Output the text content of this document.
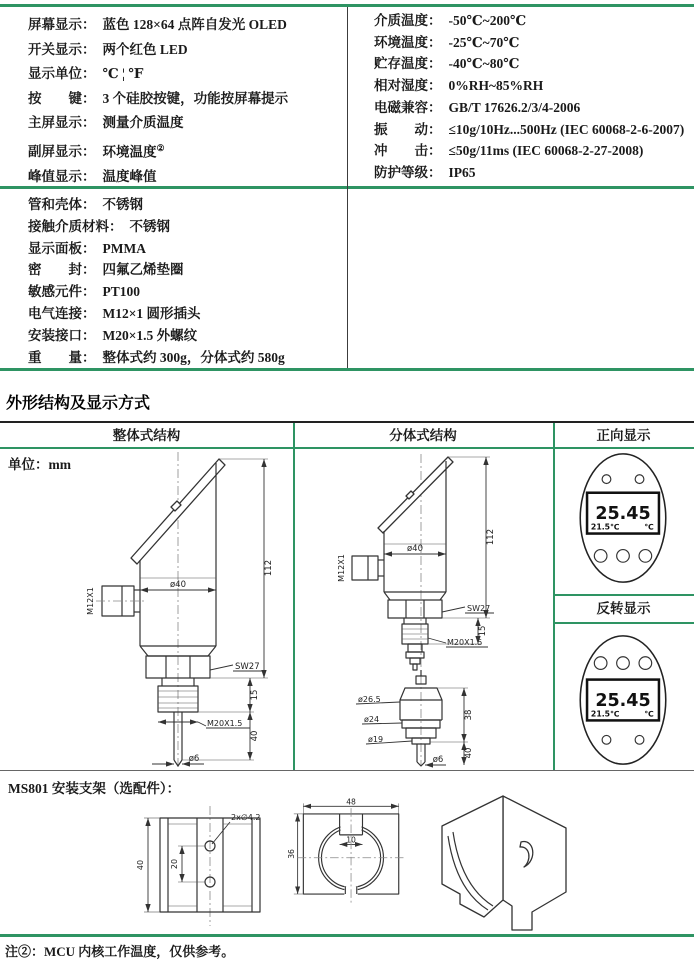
屏幕显示： 蓝色 128×64 点阵自发光 OLED
开关显示： 两个红色 LED
显示单位： ℃ ¦ ℉
按　　键： 3 个硅胶按键，功能按屏幕提示
主屏显示： 测量介质温度
副屏显示： 环境温度②
峰值显示： 温度峰值
介质温度： -50℃~200℃
环境温度： -25℃~70℃
贮存温度： -40℃~80℃
相对湿度： 0%RH~85%RH
电磁兼容： GB/T 17626.2/3/4-2006
振　　动： ≤10g/10Hz...500Hz (IEC 60068-2-6-2007)
冲　　击： ≤50g/11ms (IEC 60068-2-27-2008)
防护等级： IP65
管和壳体： 不锈钢
接触介质材料： 不锈钢
显示面板： PMMA
密　　封： 四氟乙烯垫圈
敏感元件： PT100
电气连接： M12×1 圆形插头
安装接口： M20×1.5 外螺纹
重　　量： 整体式约 300g，分体式约 580g
外形结构及显示方式
整体式结构	分体式结构	正向显示
单位：mm
反转显示
M12X1
ø40
SW27
M20X1.5
ø6
112
15
40
ø40
M12X1
SW27
M20X1.5
112
15
ø26.5
ø24
ø19
38
40
ø6
25.45
21.5℃	℃
25.45
21.5℃	℃
MS801 安装支架（选配件）：
40	20
2x∅4.2
48
10
36
注②：MCU 内核工作温度，仅供参考。
